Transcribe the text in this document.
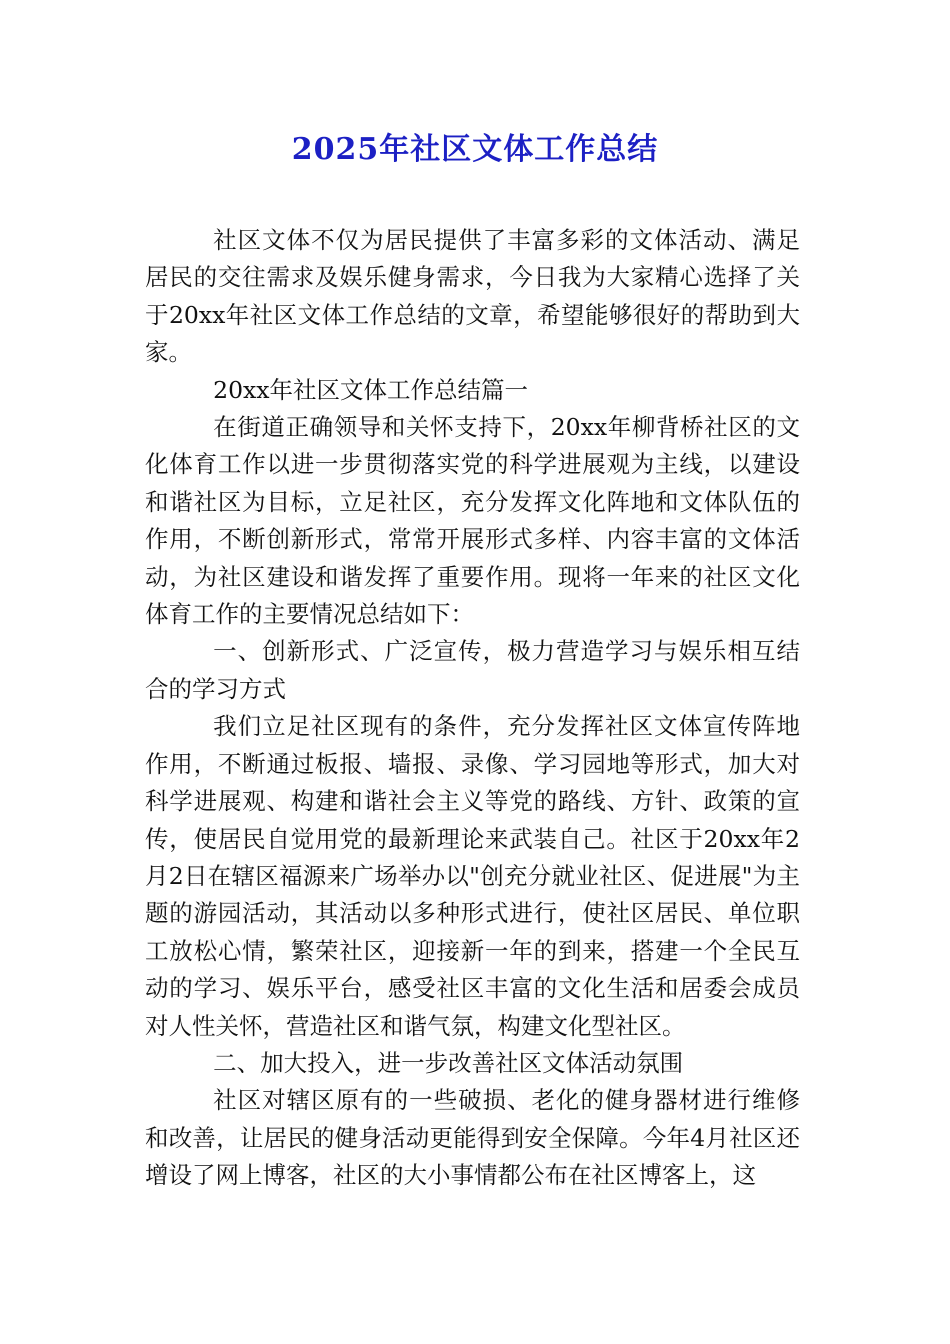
2025年社区文体工作总结

社区文体不仅为居民提供了丰富多彩的文体活动、满足居民的交往需求及娱乐健身需求，今日我为大家精心选择了关于20xx年社区文体工作总结的文章，希望能够很好的帮助到大家。

20xx年社区文体工作总结篇一

在街道正确领导和关怀支持下，20xx年柳背桥社区的文化体育工作以进一步贯彻落实党的科学进展观为主线，以建设和谐社区为目标，立足社区，充分发挥文化阵地和文体队伍的作用，不断创新形式，常常开展形式多样、内容丰富的文体活动，为社区建设和谐发挥了重要作用。现将一年来的社区文化体育工作的主要情况总结如下：

一、创新形式、广泛宣传，极力营造学习与娱乐相互结合的学习方式

我们立足社区现有的条件，充分发挥社区文体宣传阵地作用，不断通过板报、墙报、录像、学习园地等形式，加大对科学进展观、构建和谐社会主义等党的路线、方针、政策的宣传，使居民自觉用党的最新理论来武装自己。社区于20xx年2月2日在辖区福源来广场举办以"创充分就业社区、促进展"为主题的游园活动，其活动以多种形式进行，使社区居民、单位职工放松心情，繁荣社区，迎接新一年的到来，搭建一个全民互动的学习、娱乐平台，感受社区丰富的文化生活和居委会成员对人性关怀，营造社区和谐气氛，构建文化型社区。

二、加大投入，进一步改善社区文体活动氛围

社区对辖区原有的一些破损、老化的健身器材进行维修和改善，让居民的健身活动更能得到安全保障。今年4月社区还增设了网上博客，社区的大小事情都公布在社区博客上，这
